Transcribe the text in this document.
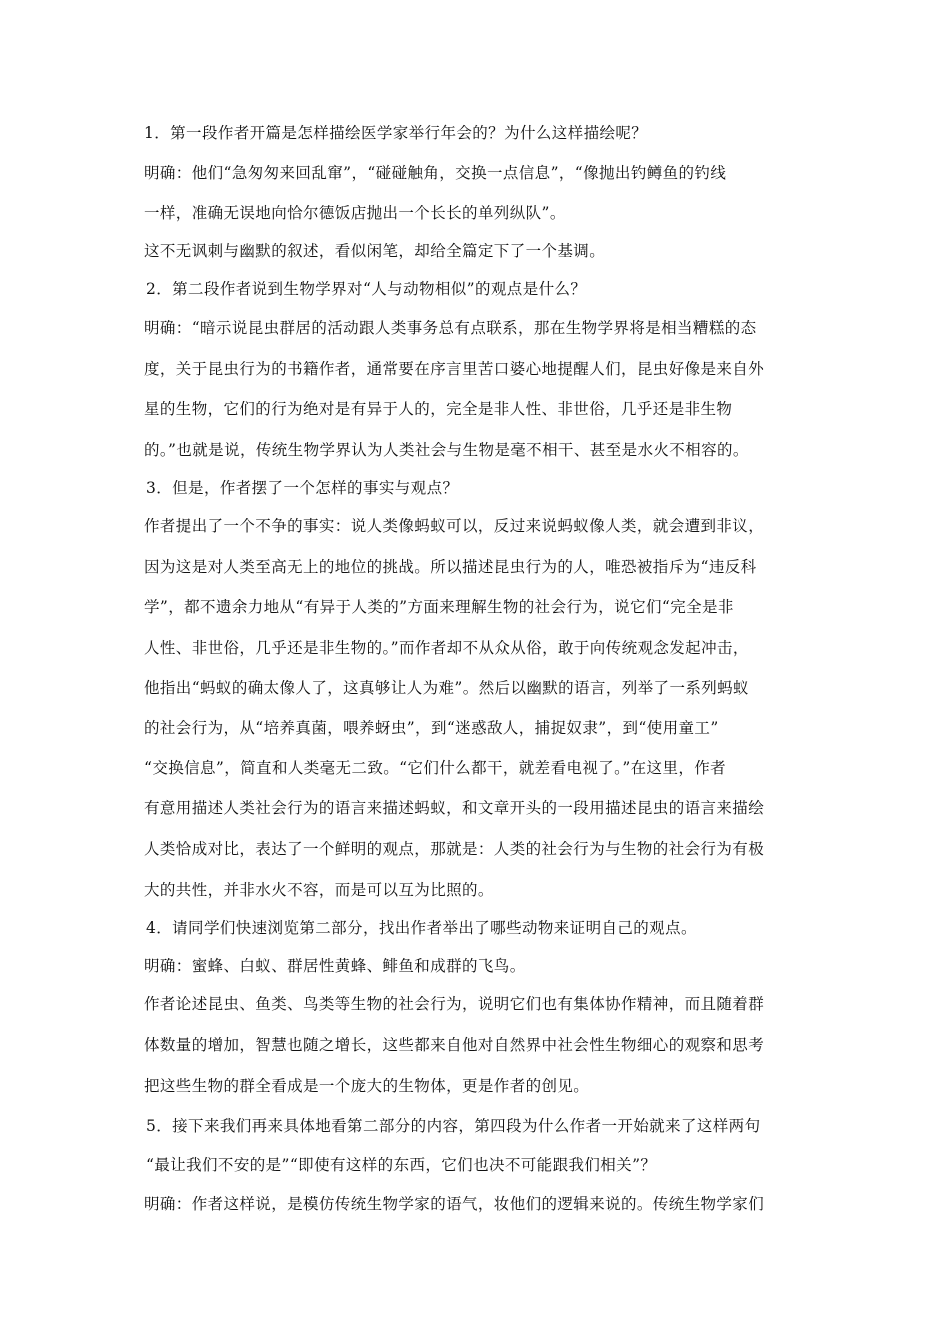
1．第一段作者开篇是怎样描绘医学家举行年会的？为什么这样描绘呢？
明确：他们“急匆匆来回乱窜”，“碰碰触角，交换一点信息”，“像抛出钓鳟鱼的钓线
一样，准确无误地向恰尔德饭店抛出一个长长的单列纵队”。
这不无讽刺与幽默的叙述，看似闲笔，却给全篇定下了一个基调。
2．第二段作者说到生物学界对“人与动物相似”的观点是什么？
明确：“暗示说昆虫群居的活动跟人类事务总有点联系，那在生物学界将是相当糟糕的态
度，关于昆虫行为的书籍作者，通常要在序言里苦口婆心地提醒人们，昆虫好像是来自外
星的生物，它们的行为绝对是有异于人的，完全是非人性、非世俗，几乎还是非生物
的。”也就是说，传统生物学界认为人类社会与生物是毫不相干、甚至是水火不相容的。
3．但是，作者摆了一个怎样的事实与观点？
作者提出了一个不争的事实：说人类像蚂蚁可以，反过来说蚂蚁像人类，就会遭到非议，
因为这是对人类至高无上的地位的挑战。所以描述昆虫行为的人，唯恐被指斥为“违反科
学”，都不遗余力地从“有异于人类的”方面来理解生物的社会行为，说它们“完全是非
人性、非世俗，几乎还是非生物的。”而作者却不从众从俗，敢于向传统观念发起冲击，
他指出“蚂蚁的确太像人了，这真够让人为难”。然后以幽默的语言，列举了一系列蚂蚁
的社会行为，从“培养真菌，喂养蚜虫”，到“迷惑敌人，捕捉奴隶”，到“使用童工”
“交换信息”，简直和人类毫无二致。“它们什么都干，就差看电视了。”在这里，作者
有意用描述人类社会行为的语言来描述蚂蚁，和文章开头的一段用描述昆虫的语言来描绘
人类恰成对比，表达了一个鲜明的观点，那就是：人类的社会行为与生物的社会行为有极
大的共性，并非水火不容，而是可以互为比照的。
4．请同学们快速浏览第二部分，找出作者举出了哪些动物来证明自己的观点。
明确：蜜蜂、白蚁、群居性黄蜂、鲱鱼和成群的飞鸟。
作者论述昆虫、鱼类、鸟类等生物的社会行为，说明它们也有集体协作精神，而且随着群
体数量的增加，智慧也随之增长，这些都来自他对自然界中社会性生物细心的观察和思考
把这些生物的群全看成是一个庞大的生物体，更是作者的创见。
5．接下来我们再来具体地看第二部分的内容，第四段为什么作者一开始就来了这样两句
“最让我们不安的是”“即使有这样的东西，它们也决不可能跟我们相关”？
明确：作者这样说，是模仿传统生物学家的语气，妆他们的逻辑来说的。传统生物学家们
